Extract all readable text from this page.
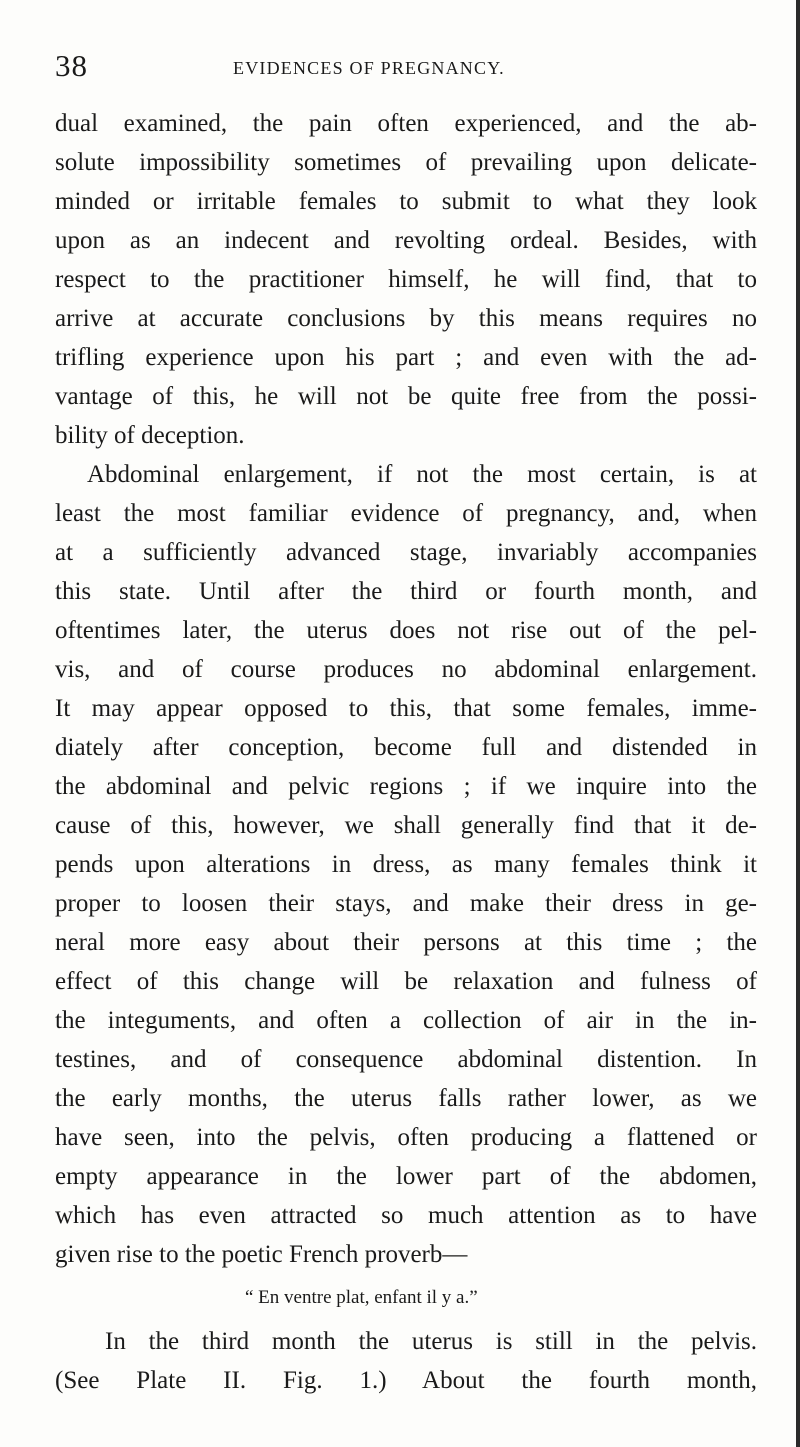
38	EVIDENCES OF PREGNANCY.
dual examined, the pain often experienced, and the ab-
solute impossibility sometimes of prevailing upon delicate-
minded or irritable females to submit to what they look
upon as an indecent and revolting ordeal. Besides, with
respect to the practitioner himself, he will find, that to
arrive at accurate conclusions by this means requires no
trifling experience upon his part ; and even with the ad-
vantage of this, he will not be quite free from the possi-
bility of deception.
Abdominal enlargement, if not the most certain, is at
least the most familiar evidence of pregnancy, and, when
at a sufficiently advanced stage, invariably accompanies
this state. Until after the third or fourth month, and
oftentimes later, the uterus does not rise out of the pel-
vis, and of course produces no abdominal enlargement.
It may appear opposed to this, that some females, imme-
diately after conception, become full and distended in
the abdominal and pelvic regions ; if we inquire into the
cause of this, however, we shall generally find that it de-
pends upon alterations in dress, as many females think it
proper to loosen their stays, and make their dress in ge-
neral more easy about their persons at this time ; the
effect of this change will be relaxation and fulness of
the integuments, and often a collection of air in the in-
testines, and of consequence abdominal distention. In
the early months, the uterus falls rather lower, as we
have seen, into the pelvis, often producing a flattened or
empty appearance in the lower part of the abdomen,
which has even attracted so much attention as to have
given rise to the poetic French proverb—
“ En ventre plat, enfant il y a.”
In the third month the uterus is still in the pelvis.
(See Plate II. Fig. 1.) About the fourth month,
